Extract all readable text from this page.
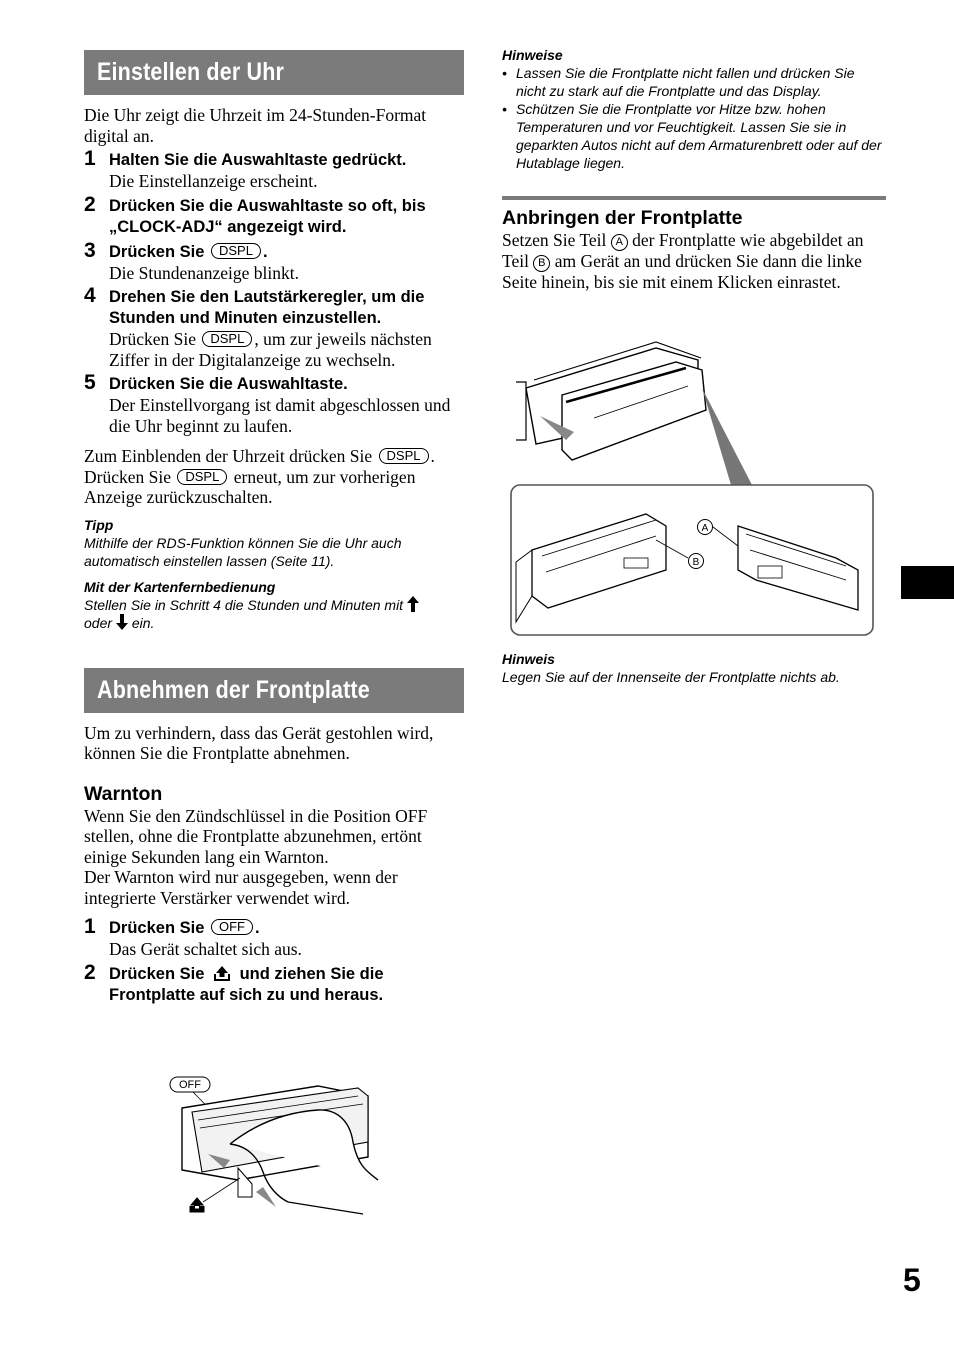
Einstellen der Uhr

Die Uhr zeigt die Uhrzeit im 24-Stunden-Format digital an.

1 Halten Sie die Auswahltaste gedrückt.
Die Einstellanzeige erscheint.
2 Drücken Sie die Auswahltaste so oft, bis „CLOCK-ADJ“ angezeigt wird.
3 Drücken Sie DSPL .
Die Stundenanzeige blinkt.
4 Drehen Sie den Lautstärkeregler, um die Stunden und Minuten einzustellen.
Drücken Sie DSPL , um zur jeweils nächsten Ziffer in der Digitalanzeige zu wechseln.
5 Drücken Sie die Auswahltaste.
Der Einstellvorgang ist damit abgeschlossen und die Uhr beginnt zu laufen.

Zum Einblenden der Uhrzeit drücken Sie DSPL . Drücken Sie DSPL erneut, um zur vorherigen Anzeige zurückzuschalten.

Tipp
Mithilfe der RDS-Funktion können Sie die Uhr auch automatisch einstellen lassen (Seite 11).
Mit der Kartenfernbedienung
Stellen Sie in Schritt 4 die Stunden und Minuten mit
oder ein.
Abnehmen der Frontplatte

Um zu verhindern, dass das Gerät gestohlen wird, können Sie die Frontplatte abnehmen.

Warnton

Wenn Sie den Zündschlüssel in die Position OFF stellen, ohne die Frontplatte abzunehmen, ertönt einige Sekunden lang ein Warnton.

Der Warnton wird nur ausgegeben, wenn der integrierte Verstärker verwendet wird.

1 Drücken Sie OFF .
Das Gerät schaltet sich aus.
2 Drücken Sie und ziehen Sie die Frontplatte auf sich zu und heraus.
OFF
Hinweise
• Lassen Sie die Frontplatte nicht fallen und drücken Sie nicht zu stark auf die Frontplatte und das Display.
• Schützen Sie die Frontplatte vor Hitze bzw. hohen Temperaturen und vor Feuchtigkeit. Lassen Sie sie in geparkten Autos nicht auf dem Armaturenbrett oder auf der Hutablage liegen.
Anbringen der Frontplatte

Setzen Sie Teil A der Frontplatte wie abgebildet an Teil B am Gerät an und drücken Sie dann die linke Seite hinein, bis sie mit einem Klicken einrastet.

A
B
Hinweis
Legen Sie auf der Innenseite der Frontplatte nichts ab.
5
